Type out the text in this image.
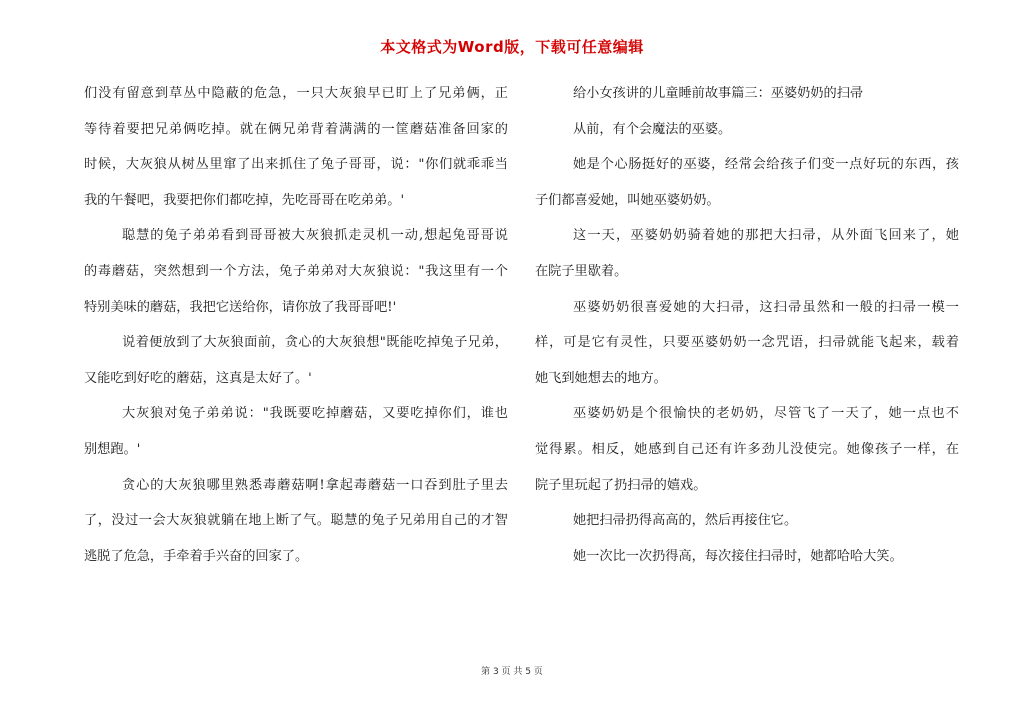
本文格式为Word版，下载可任意编辑
们没有留意到草丛中隐蔽的危急，一只大灰狼早已盯上了兄弟俩，正
等待着要把兄弟俩吃掉。就在俩兄弟背着满满的一筐蘑菇准备回家的
时候，大灰狼从树丛里窜了出来抓住了兔子哥哥，说："你们就乖乖当
我的午餐吧，我要把你们都吃掉，先吃哥哥在吃弟弟。'
聪慧的兔子弟弟看到哥哥被大灰狼抓走灵机一动,想起兔哥哥说
的毒蘑菇，突然想到一个方法，兔子弟弟对大灰狼说："我这里有一个
特别美味的蘑菇，我把它送给你，请你放了我哥哥吧!'
说着便放到了大灰狼面前，贪心的大灰狼想"既能吃掉兔子兄弟，
又能吃到好吃的蘑菇，这真是太好了。'
大灰狼对兔子弟弟说："我既要吃掉蘑菇，又要吃掉你们，谁也
别想跑。'
贪心的大灰狼哪里熟悉毒蘑菇啊!拿起毒蘑菇一口吞到肚子里去
了，没过一会大灰狼就躺在地上断了气。聪慧的兔子兄弟用自己的才智
逃脱了危急，手牵着手兴奋的回家了。
给小女孩讲的儿童睡前故事篇三：巫婆奶奶的扫帚
从前，有个会魔法的巫婆。
她是个心肠挺好的巫婆，经常会给孩子们变一点好玩的东西，孩
子们都喜爱她，叫她巫婆奶奶。
这一天，巫婆奶奶骑着她的那把大扫帚，从外面飞回来了，她
在院子里歇着。
巫婆奶奶很喜爱她的大扫帚，这扫帚虽然和一般的扫帚一模一
样，可是它有灵性，只要巫婆奶奶一念咒语，扫帚就能飞起来，载着
她飞到她想去的地方。
巫婆奶奶是个很愉快的老奶奶，尽管飞了一天了，她一点也不
觉得累。相反，她感到自己还有许多劲儿没使完。她像孩子一样，在
院子里玩起了扔扫帚的嬉戏。
她把扫帚扔得高高的，然后再接住它。
她一次比一次扔得高，每次接住扫帚时，她都哈哈大笑。
第 3 页 共 5 页
